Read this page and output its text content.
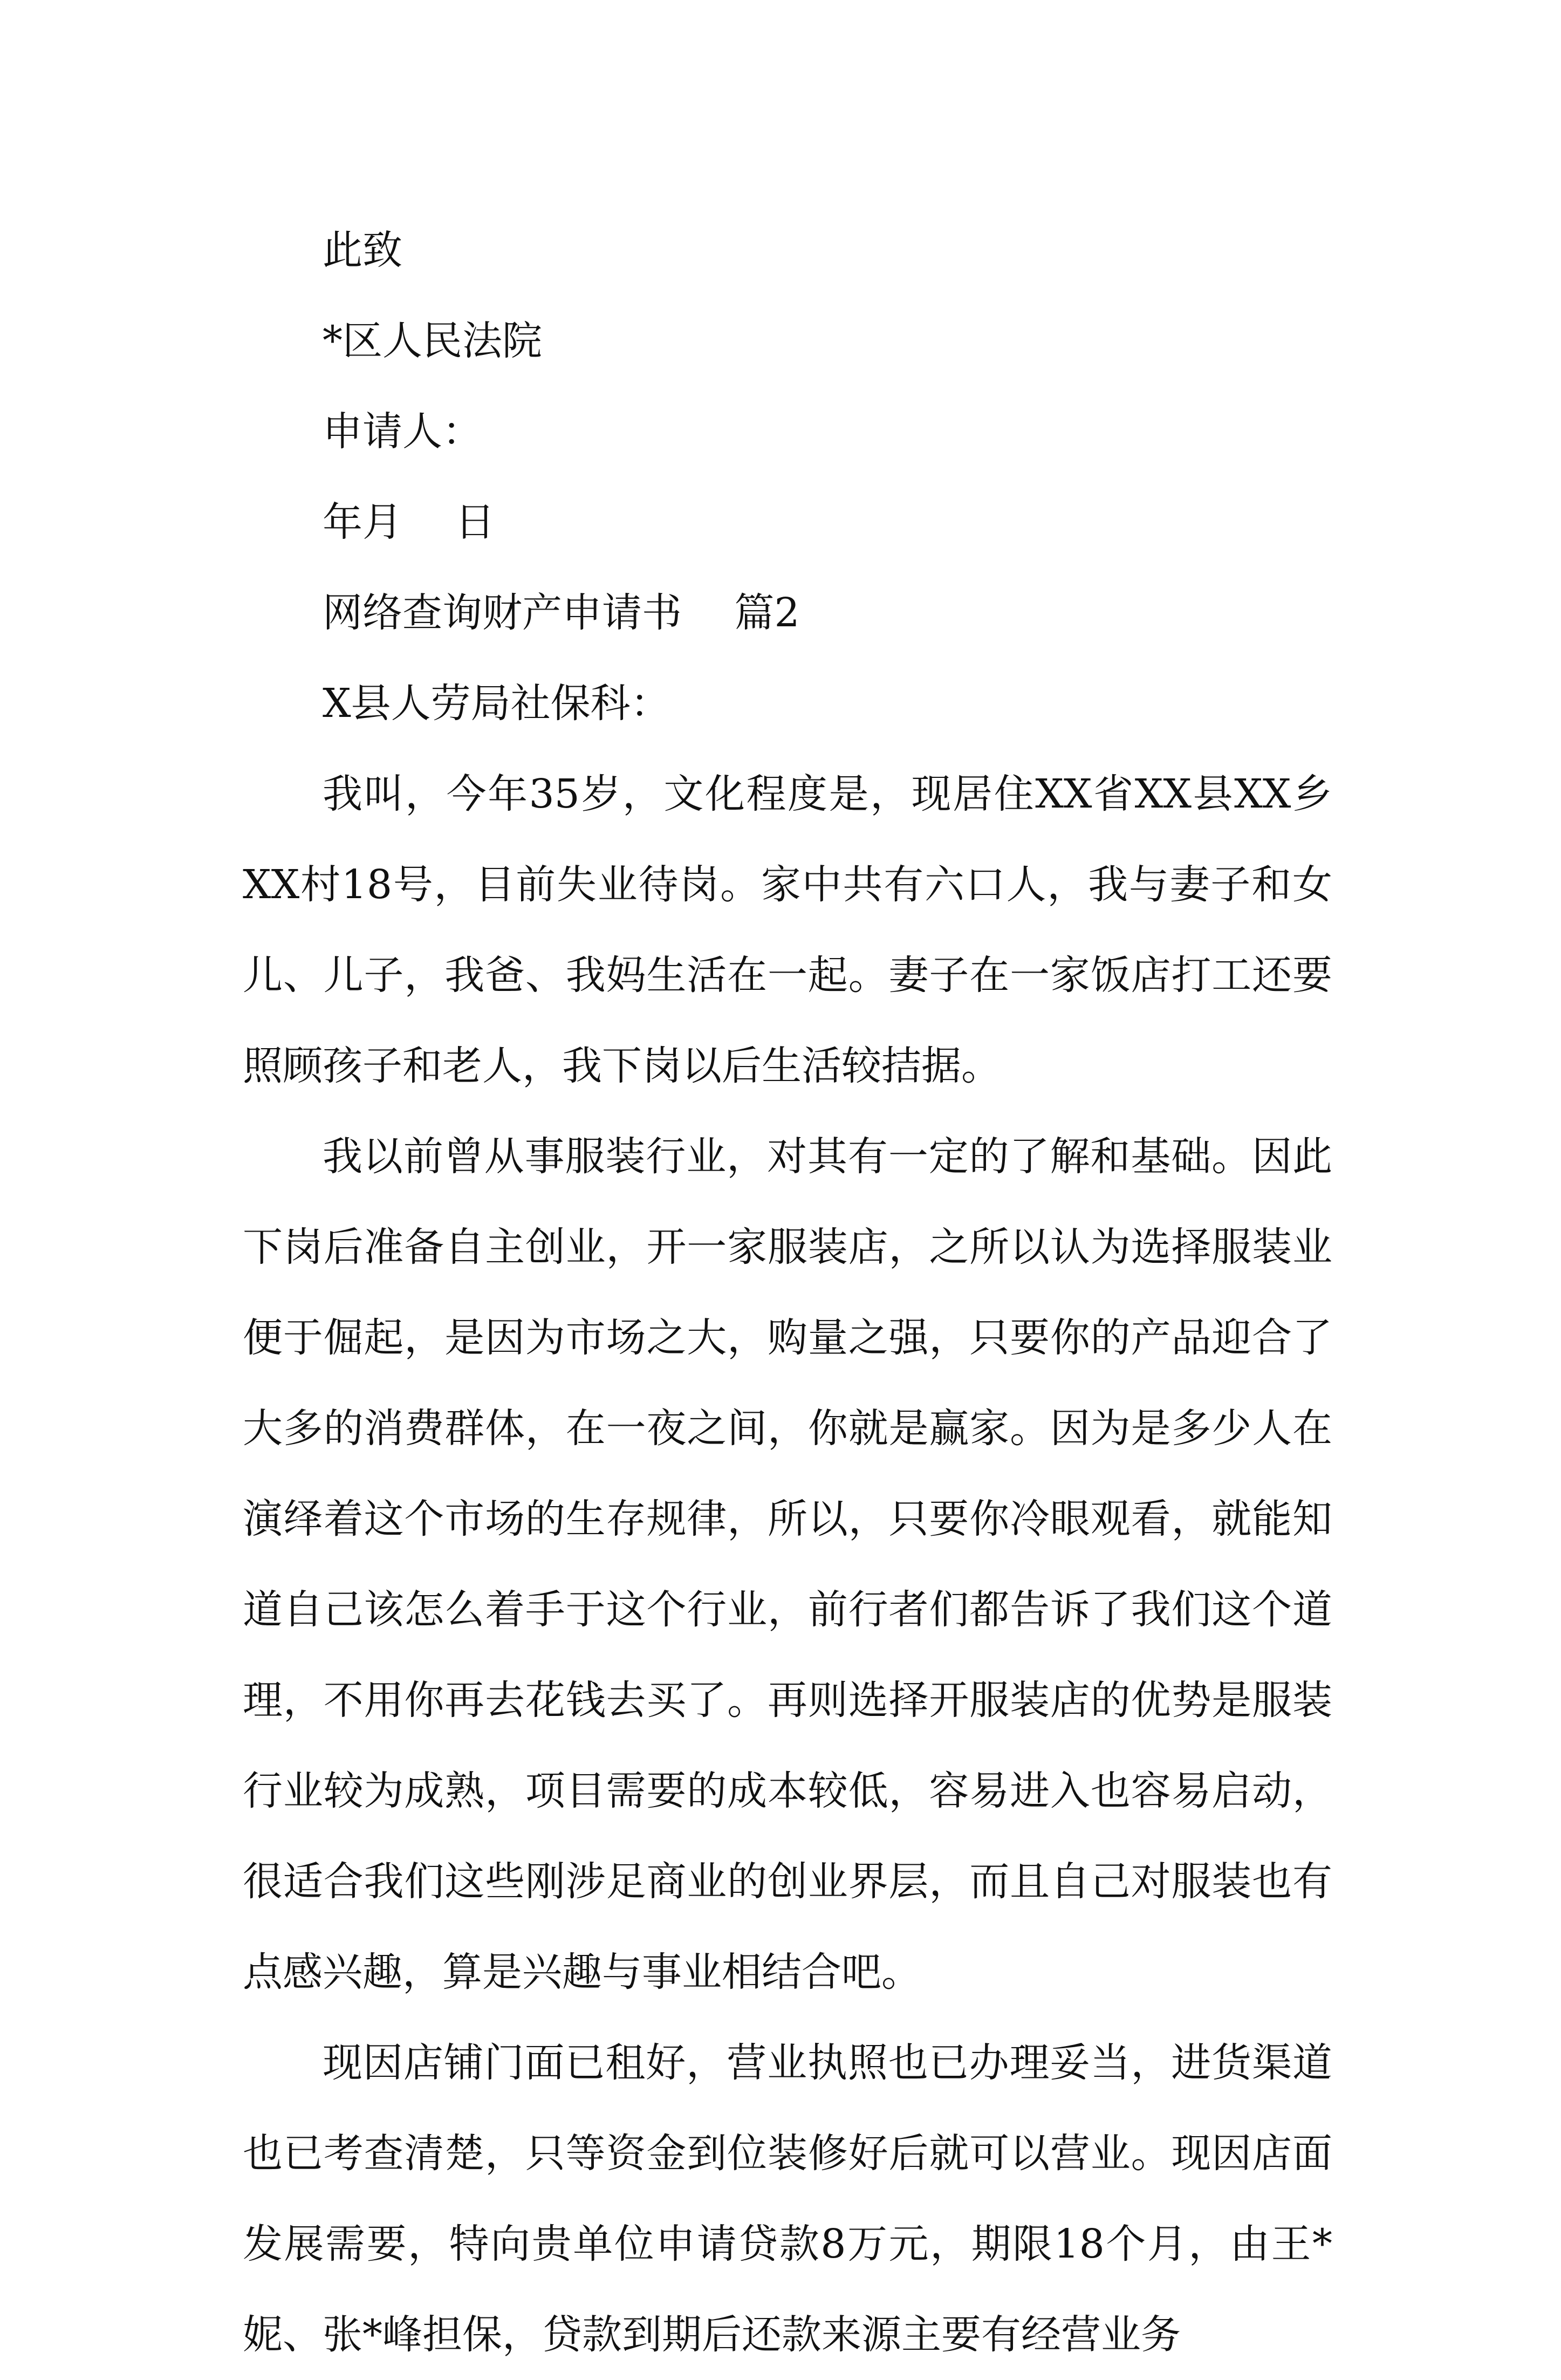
此致

*区人民法院

申请人：

年月　 日

网络查询财产申请书　 篇2

X县人劳局社保科：

我叫，今年35岁，文化程度是，现居住XX省XX县XX乡XX村18号，目前失业待岗。家中共有六口人，我与妻子和女儿、儿子，我爸、我妈生活在一起。妻子在一家饭店打工还要照顾孩子和老人，我下岗以后生活较拮据。

我以前曾从事服装行业，对其有一定的了解和基础。因此下岗后准备自主创业，开一家服装店，之所以认为选择服装业便于倔起，是因为市场之大，购量之强，只要你的产品迎合了大多的消费群体，在一夜之间，你就是赢家。因为是多少人在演绎着这个市场的生存规律，所以，只要你冷眼观看，就能知道自己该怎么着手于这个行业，前行者们都告诉了我们这个道理，不用你再去花钱去买了。再则选择开服装店的优势是服装行业较为成熟，项目需要的成本较低，容易进入也容易启动，很适合我们这些刚涉足商业的创业界层，而且自己对服装也有点感兴趣，算是兴趣与事业相结合吧。

现因店铺门面已租好，营业执照也已办理妥当，进货渠道也已考查清楚，只等资金到位装修好后就可以营业。现因店面发展需要，特向贵单位申请贷款8万元，期限18个月，由王*妮、张*峰担保，贷款到期后还款来源主要有经营业务
